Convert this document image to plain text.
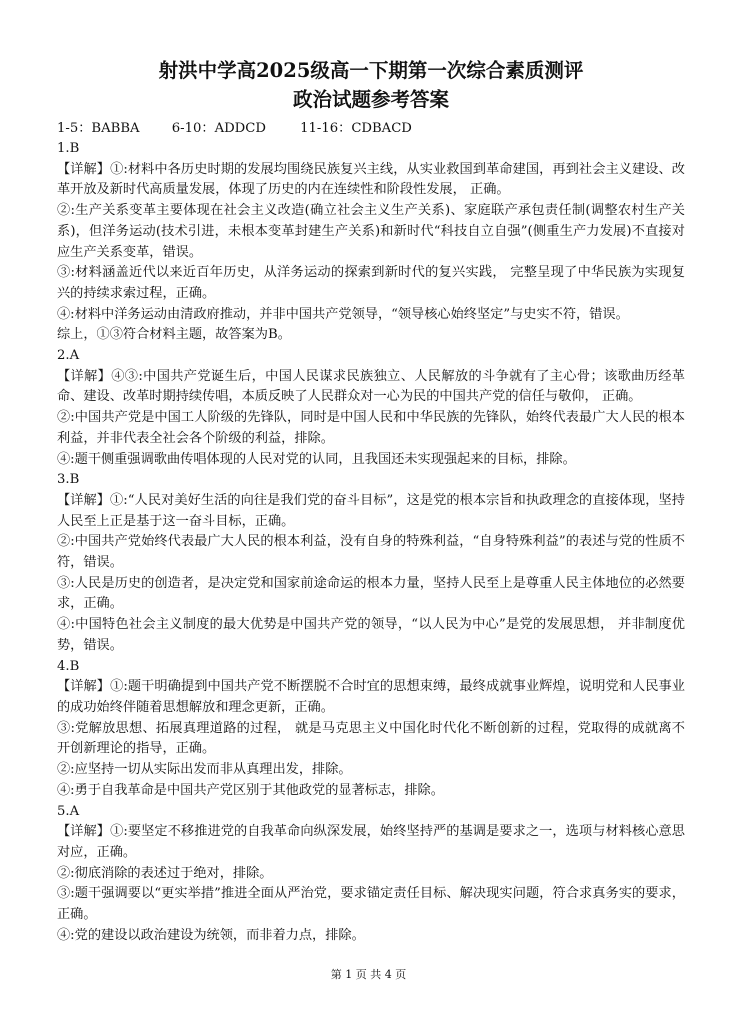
射洪中学高2025级高一下期第一次综合素质测评
政治试题参考答案
1-5：BABBA 6-10：ADDCD	11-16：CDBACD
1.B

【详解】①:材料中各历史时期的发展均围绕民族复兴主线，从实业救国到革命建国，再到社会主义建设、改革开放及新时代高质量发展，体现了历史的内在连续性和阶段性发展， 正确。

②:生产关系变革主要体现在社会主义改造(确立社会主义生产关系)、家庭联产承包责任制(调整农村生产关系)，但洋务运动(技术引进，未根本变革封建生产关系)和新时代“科技自立自强”(侧重生产力发展)不直接对应生产关系变革，错误。

③:材料涵盖近代以来近百年历史，从洋务运动的探索到新时代的复兴实践， 完整呈现了中华民族为实现复兴的持续求索过程，正确。

④:材料中洋务运动由清政府推动，并非中国共产党领导，“领导核心始终坚定”与史实不符，错误。

综上，①③符合材料主题，故答案为B。

2.A

【详解】④③:中国共产党诞生后，中国人民谋求民族独立、人民解放的斗争就有了主心骨；该歌曲历经革命、建设、改革时期持续传唱，本质反映了人民群众对一心为民的中国共产党的信任与敬仰， 正确。

②:中国共产党是中国工人阶级的先锋队，同时是中国人民和中华民族的先锋队，始终代表最广大人民的根本利益，并非代表全社会各个阶级的利益，排除。

④:题干侧重强调歌曲传唱体现的人民对党的认同，且我国还未实现强起来的目标，排除。

3.B

【详解】①:“人民对美好生活的向往是我们党的奋斗目标”，这是党的根本宗旨和执政理念的直接体现，坚持人民至上正是基于这一奋斗目标，正确。

②:中国共产党始终代表最广大人民的根本利益，没有自身的特殊利益，“自身特殊利益”的表述与党的性质不符，错误。

③:人民是历史的创造者，是决定党和国家前途命运的根本力量，坚持人民至上是尊重人民主体地位的必然要求，正确。

④:中国特色社会主义制度的最大优势是中国共产党的领导，“以人民为中心”是党的发展思想， 并非制度优势，错误。

4.B

【详解】①:题干明确提到中国共产党不断摆脱不合时宜的思想束缚，最终成就事业辉煌，说明党和人民事业的成功始终伴随着思想解放和理念更新，正确。

③:党解放思想、拓展真理道路的过程， 就是马克思主义中国化时代化不断创新的过程，党取得的成就离不开创新理论的指导，正确。

②:应坚持一切从实际出发而非从真理出发，排除。

④:勇于自我革命是中国共产党区别于其他政党的显著标志，排除。

5.A

【详解】①:要坚定不移推进党的自我革命向纵深发展，始终坚持严的基调是要求之一，选项与材料核心意思对应，正确。

②:彻底消除的表述过于绝对，排除。

③:题干强调要以“更实举措”推进全面从严治党，要求锚定责任目标、解决现实问题，符合求真务实的要求，正确。

④:党的建设以政治建设为统领，而非着力点，排除。

第 1 页 共 4 页
